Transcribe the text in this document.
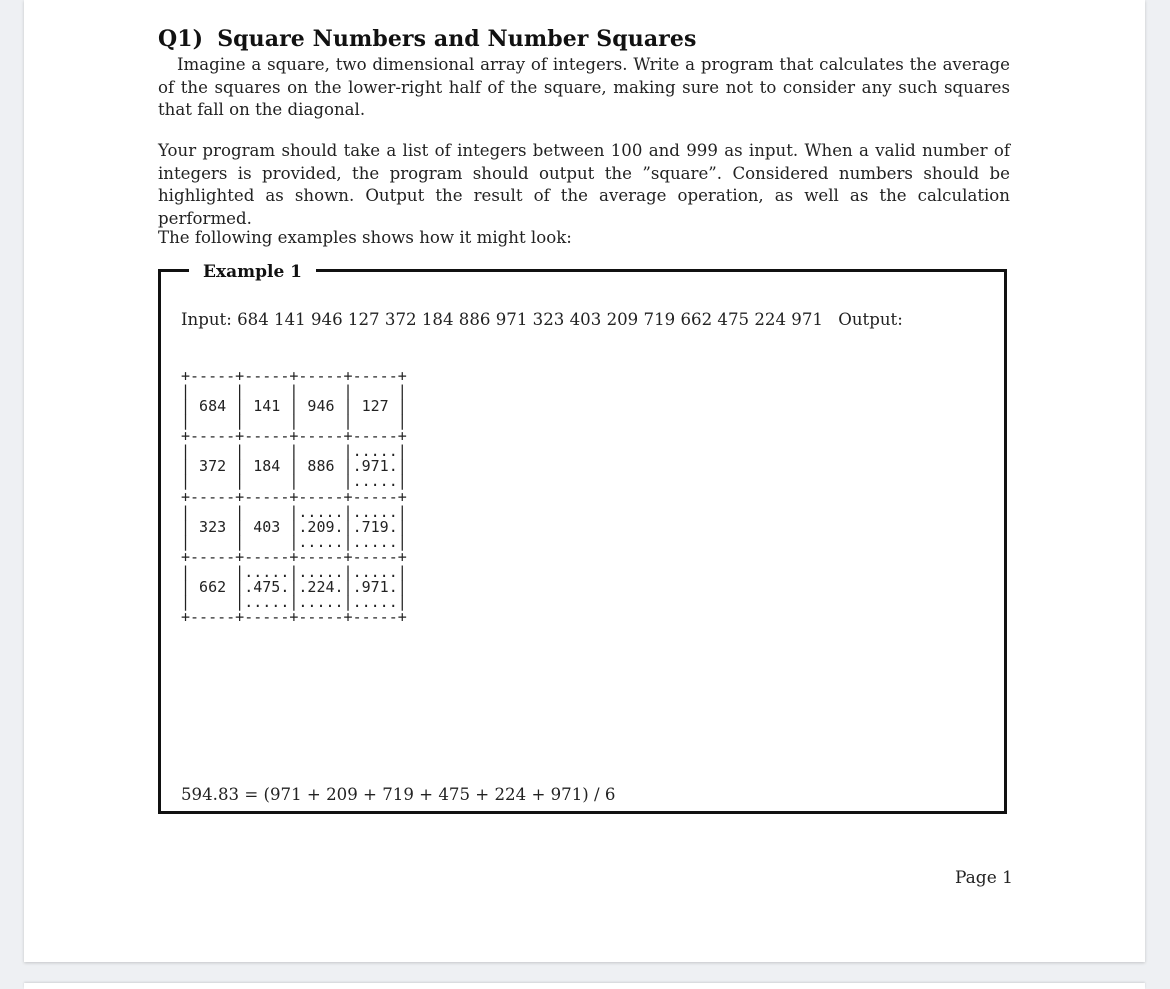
Q1) Square Numbers and Number Squares

Imagine a square, two dimensional array of integers. Write a program that calculates the average of the squares on the lower-right half of the square, making sure not to consider any such squares that fall on the diagonal.

Your program should take a list of integers between 100 and 999 as input. When a valid number of integers is provided, the program should output the ”square”. Considered numbers should be highlighted as shown. Output the result of the average operation, as well as the calculation performed.

The following examples shows how it might look:

Example 1
Input: 684 141 946 127 372 184 886 971 323 403 209 719 662 475 224 971 Output:
+-----+-----+-----+-----+
|     |     |     |     |
| 684 | 141 | 946 | 127 |
|     |     |     |     |
+-----+-----+-----+-----+
|     |     |     |.....|
| 372 | 184 | 886 |.971.|
|     |     |     |.....|
+-----+-----+-----+-----+
|     |     |.....|.....|
| 323 | 403 |.209.|.719.|
|     |     |.....|.....|
+-----+-----+-----+-----+
|     |.....|.....|.....|
| 662 |.475.|.224.|.971.|
|     |.....|.....|.....|
+-----+-----+-----+-----+
594.83 = (971 + 209 + 719 + 475 + 224 + 971) / 6
Page 1
